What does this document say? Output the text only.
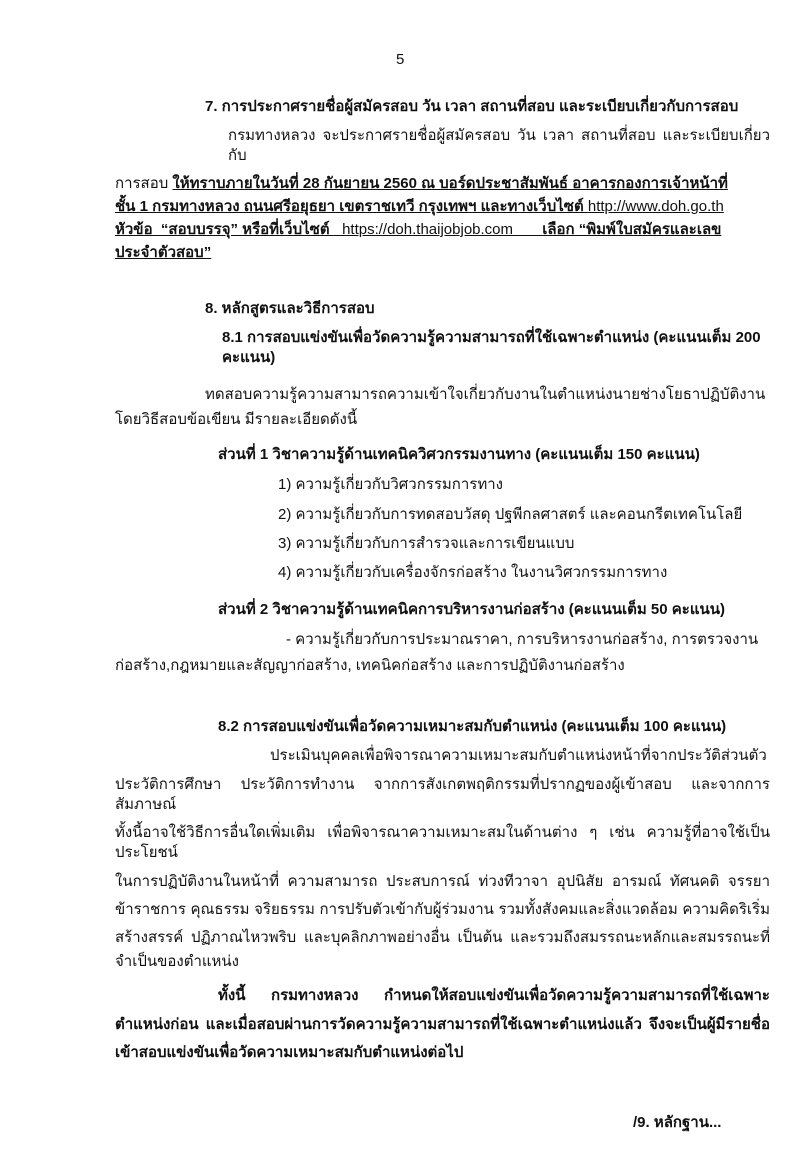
5
7. การประกาศรายชื่อผู้สมัครสอบ วัน เวลา สถานที่สอบ และระเบียบเกี่ยวกับการสอบ
กรมทางหลวง จะประกาศรายชื่อผู้สมัครสอบ วัน เวลา สถานที่สอบ และระเบียบเกี่ยวกับ
การสอบ ให้ทราบภายในวันที่ 28 กันยายน 2560 ณ บอร์ดประชาสัมพันธ์ อาคารกองการเจ้าหน้าที่
ชั้น 1 กรมทางหลวง ถนนศรีอยุธยา เขตราชเทวี กรุงเทพฯ และทางเว็บไซต์ http://www.doh.go.th
หัวข้อ  “สอบบรรจุ” หรือที่เว็บไซต์   https://doh.thaijobjob.com       เลือก “พิมพ์ใบสมัครและเลข
ประจำตัวสอบ”
8. หลักสูตรและวิธีการสอบ
8.1 การสอบแข่งขันเพื่อวัดความรู้ความสามารถที่ใช้เฉพาะตำแหน่ง (คะแนนเต็ม 200 คะแนน)
ทดสอบความรู้ความสามารถความเข้าใจเกี่ยวกับงานในตำแหน่งนายช่างโยธาปฏิบัติงาน
โดยวิธีสอบข้อเขียน มีรายละเอียดดังนี้
ส่วนที่ 1 วิชาความรู้ด้านเทคนิควิศวกรรมงานทาง (คะแนนเต็ม 150 คะแนน)
1) ความรู้เกี่ยวกับวิศวกรรมการทาง
2) ความรู้เกี่ยวกับการทดสอบวัสดุ ปฐพีกลศาสตร์ และคอนกรีตเทคโนโลยี
3) ความรู้เกี่ยวกับการสำรวจและการเขียนแบบ
4) ความรู้เกี่ยวกับเครื่องจักรก่อสร้าง ในงานวิศวกรรมการทาง
ส่วนที่ 2 วิชาความรู้ด้านเทคนิคการบริหารงานก่อสร้าง (คะแนนเต็ม 50 คะแนน)
- ความรู้เกี่ยวกับการประมาณราคา, การบริหารงานก่อสร้าง, การตรวจงาน
ก่อสร้าง,กฎหมายและสัญญาก่อสร้าง, เทคนิคก่อสร้าง และการปฏิบัติงานก่อสร้าง
8.2 การสอบแข่งขันเพื่อวัดความเหมาะสมกับตำแหน่ง (คะแนนเต็ม 100 คะแนน)
ประเมินบุคคลเพื่อพิจารณาความเหมาะสมกับตำแหน่งหน้าที่จากประวัติส่วนตัว
ประวัติการศึกษา ประวัติการทำงาน จากการสังเกตพฤติกรรมที่ปรากฏของผู้เข้าสอบ และจากการสัมภาษณ์
ทั้งนี้อาจใช้วิธีการอื่นใดเพิ่มเติม เพื่อพิจารณาความเหมาะสมในด้านต่าง ๆ เช่น ความรู้ที่อาจใช้เป็นประโยชน์
ในการปฏิบัติงานในหน้าที่ ความสามารถ ประสบการณ์ ท่วงทีวาจา อุปนิสัย อารมณ์ ทัศนคติ จรรยา
ข้าราชการ คุณธรรม จริยธรรม การปรับตัวเข้ากับผู้ร่วมงาน รวมทั้งสังคมและสิ่งแวดล้อม ความคิดริเริ่ม
สร้างสรรค์ ปฏิภาณไหวพริบ และบุคลิกภาพอย่างอื่น เป็นต้น และรวมถึงสมรรถนะหลักและสมรรถนะที่
จำเป็นของตำแหน่ง
ทั้งนี้ กรมทางหลวง กำหนดให้สอบแข่งขันเพื่อวัดความรู้ความสามารถที่ใช้เฉพาะ
ตำแหน่งก่อน และเมื่อสอบผ่านการวัดความรู้ความสามารถที่ใช้เฉพาะตำแหน่งแล้ว จึงจะเป็นผู้มีรายชื่อ
เข้าสอบแข่งขันเพื่อวัดความเหมาะสมกับตำแหน่งต่อไป
/9. หลักฐาน...
